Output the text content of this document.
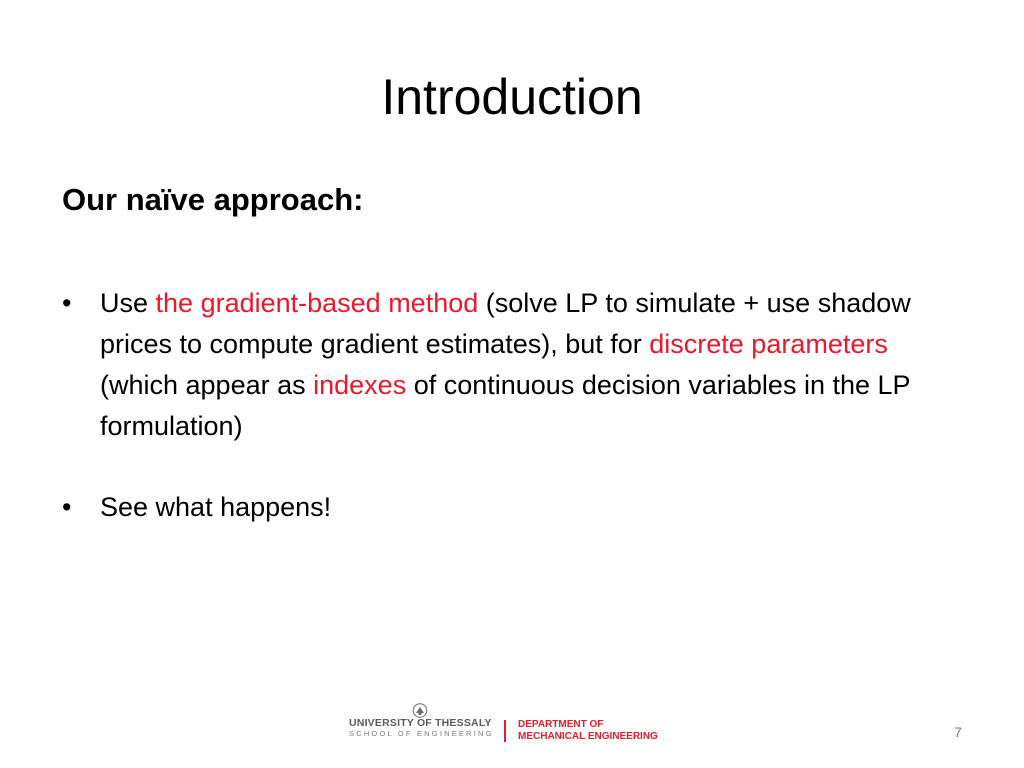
Introduction
Our naïve approach:
•	Use the gradient-based method (solve LP to simulate + use shadow prices to compute gradient estimates), but for discrete parameters (which appear as indexes of continuous decision variables in the LP formulation)
•	See what happens!
UNIVERSITY OF THESSALY
SCHOOL OF ENGINEERING
DEPARTMENT OF
MECHANICAL ENGINEERING	7
